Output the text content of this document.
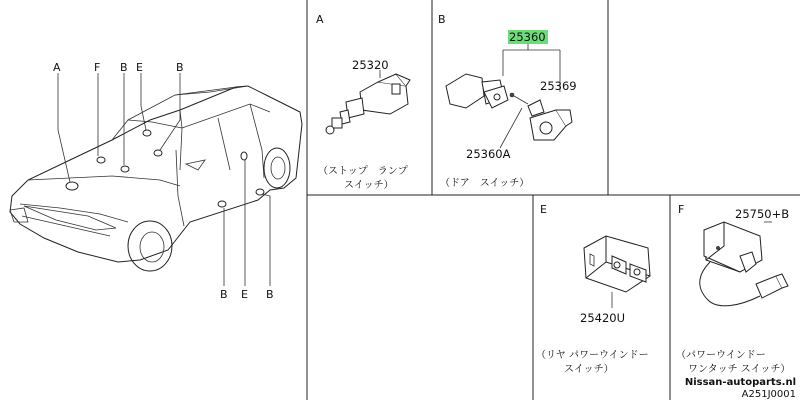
A	F B E	B
B E B
A
25320
（ストップ　ランプ
スイッチ）
B
25360
25369
25360A
（ドア　スイッチ）
E
25420U
（リヤ パワーウインドー
スイッチ）
F	25750+B
（パワーウインドー
ワンタッチ スイッチ）
Nissan-autoparts.nl
A251J0001
